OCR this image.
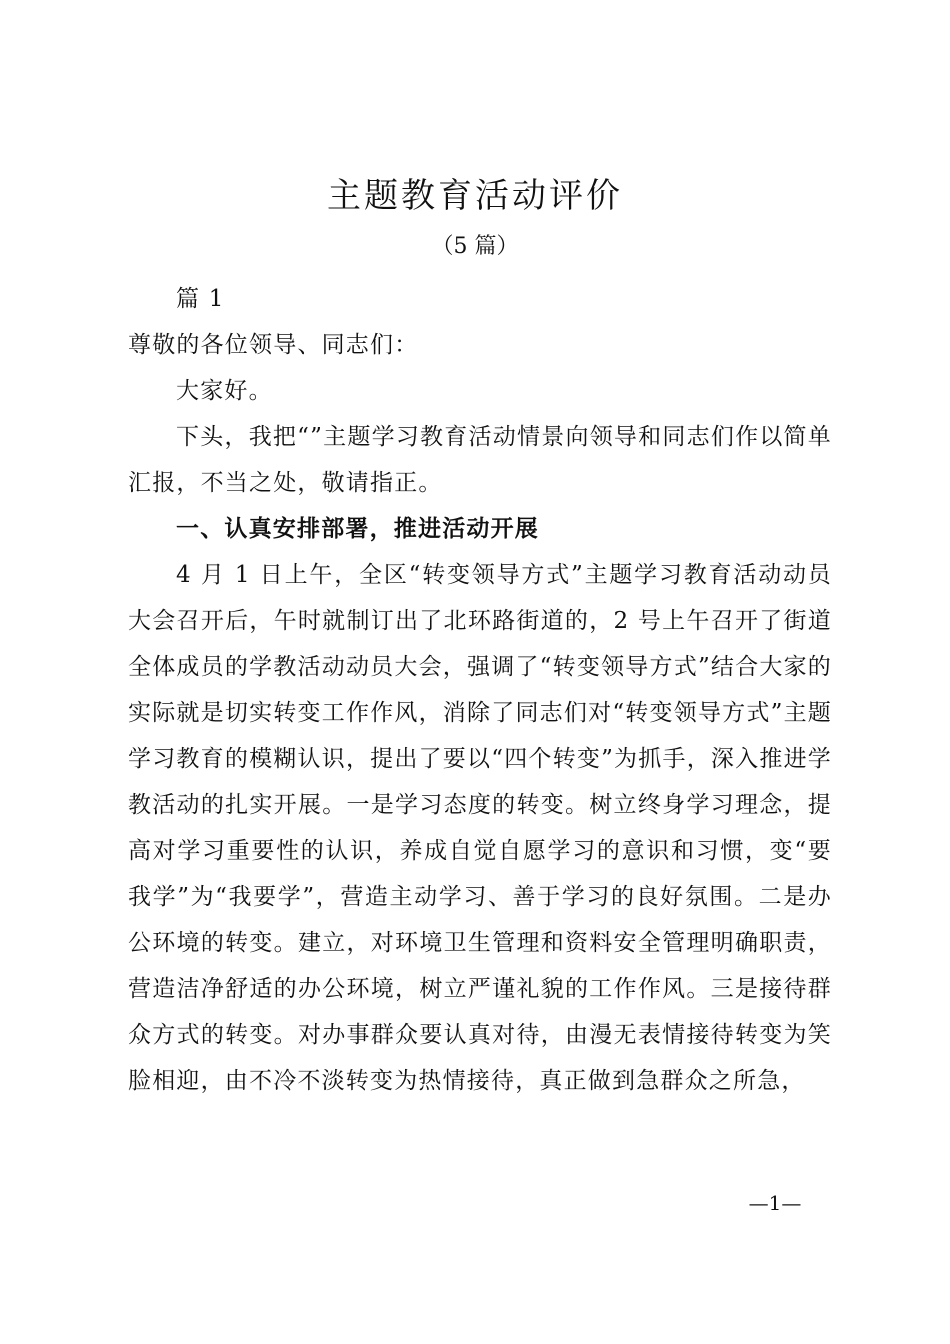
主题教育活动评价
（5 篇）

篇 1

尊敬的各位领导、同志们：

大家好。

下头，我把“”主题学习教育活动情景向领导和同志们作以简单汇报，不当之处，敬请指正。

一、认真安排部署，推进活动开展

4 月 1 日上午，全区“转变领导方式”主题学习教育活动动员大会召开后，午时就制订出了北环路街道的，2 号上午召开了街道全体成员的学教活动动员大会，强调了“转变领导方式”结合大家的实际就是切实转变工作作风，消除了同志们对“转变领导方式”主题学习教育的模糊认识，提出了要以“四个转变”为抓手，深入推进学教活动的扎实开展。一是学习态度的转变。树立终身学习理念，提高对学习重要性的认识，养成自觉自愿学习的意识和习惯，变“要我学”为“我要学”，营造主动学习、善于学习的良好氛围。二是办公环境的转变。建立，对环境卫生管理和资料安全管理明确职责，营造洁净舒适的办公环境，树立严谨礼貌的工作作风。三是接待群众方式的转变。对办事群众要认真对待，由漫无表情接待转变为笑脸相迎，由不冷不淡转变为热情接待，真正做到急群众之所急，

—1—
